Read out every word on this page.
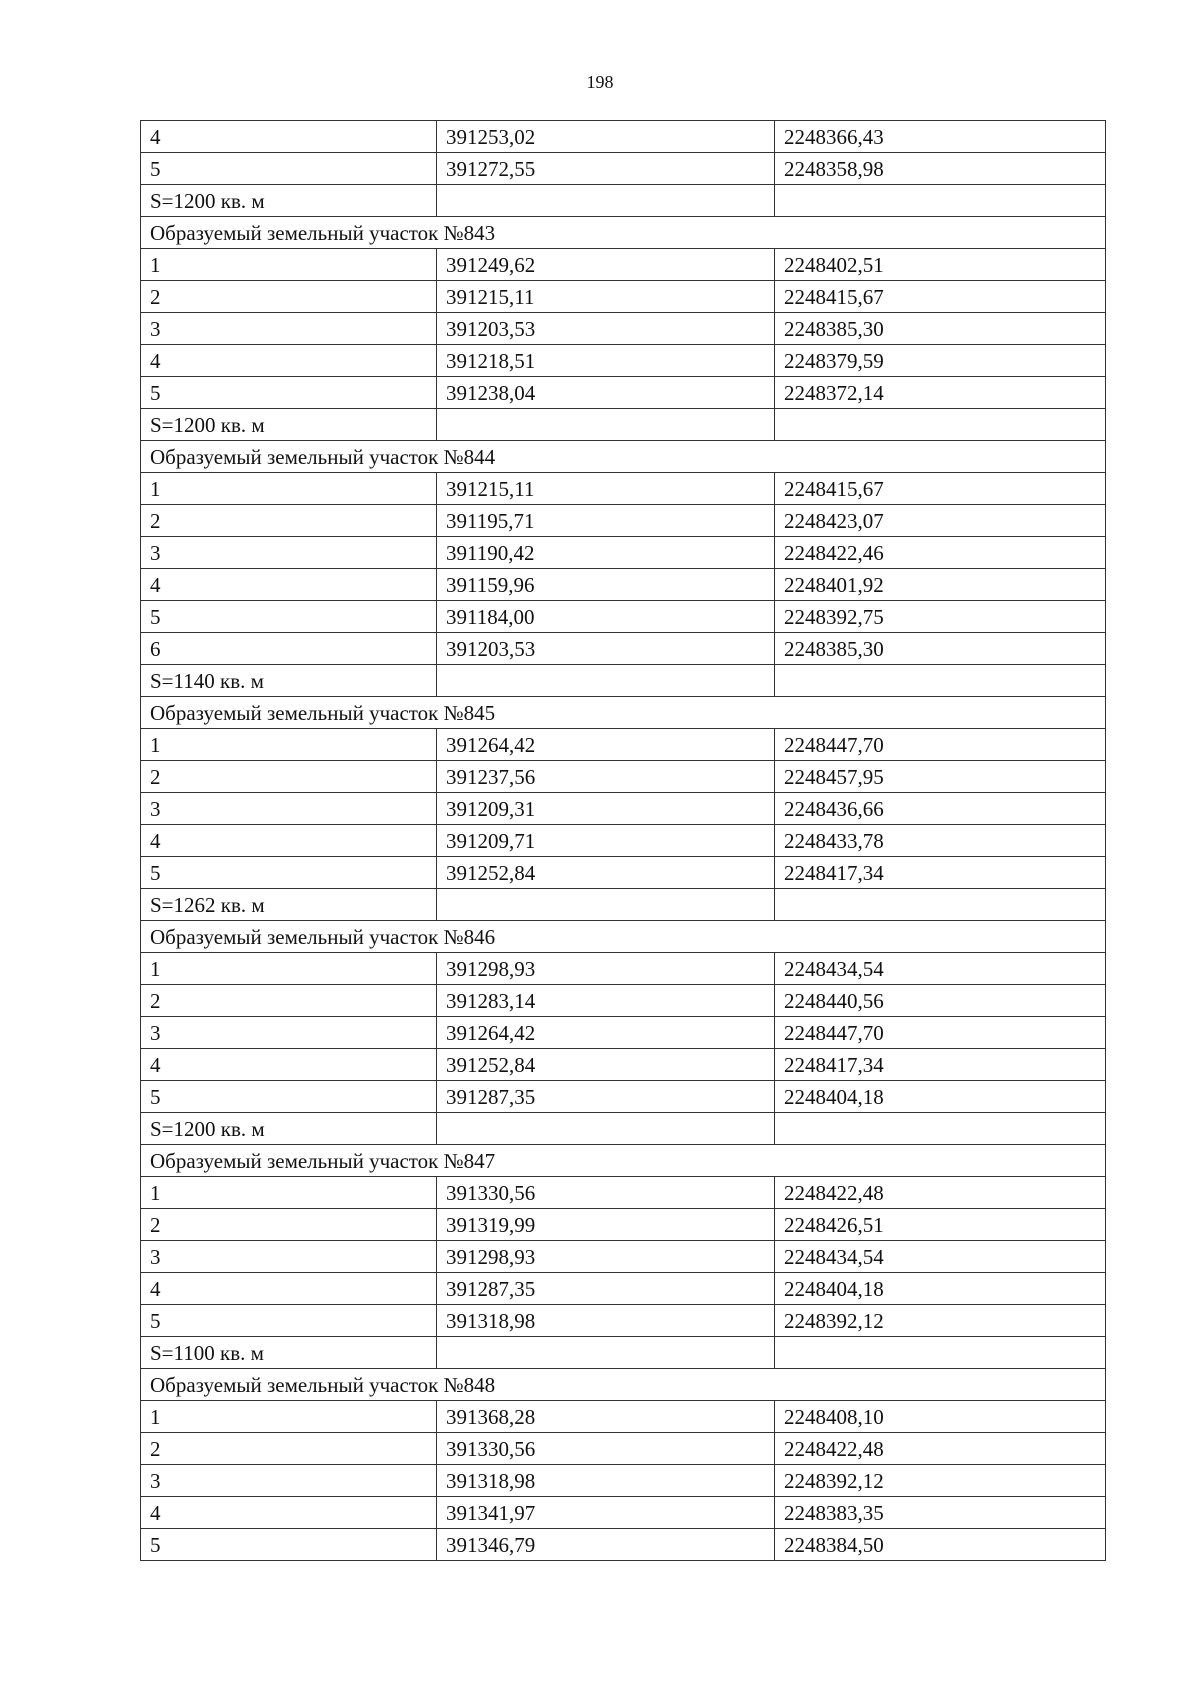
198
4	391253,02	2248366,43
5	391272,55	2248358,98
S=1200 кв. м		
Образуемый земельный участок №843		
1	391249,62	2248402,51
2	391215,11	2248415,67
3	391203,53	2248385,30
4	391218,51	2248379,59
5	391238,04	2248372,14
S=1200 кв. м		
Образуемый земельный участок №844		
1	391215,11	2248415,67
2	391195,71	2248423,07
3	391190,42	2248422,46
4	391159,96	2248401,92
5	391184,00	2248392,75
6	391203,53	2248385,30
S=1140 кв. м		
Образуемый земельный участок №845		
1	391264,42	2248447,70
2	391237,56	2248457,95
3	391209,31	2248436,66
4	391209,71	2248433,78
5	391252,84	2248417,34
S=1262 кв. м		
Образуемый земельный участок №846		
1	391298,93	2248434,54
2	391283,14	2248440,56
3	391264,42	2248447,70
4	391252,84	2248417,34
5	391287,35	2248404,18
S=1200 кв. м		
Образуемый земельный участок №847		
1	391330,56	2248422,48
2	391319,99	2248426,51
3	391298,93	2248434,54
4	391287,35	2248404,18
5	391318,98	2248392,12
S=1100 кв. м		
Образуемый земельный участок №848		
1	391368,28	2248408,10
2	391330,56	2248422,48
3	391318,98	2248392,12
4	391341,97	2248383,35
5	391346,79	2248384,50
